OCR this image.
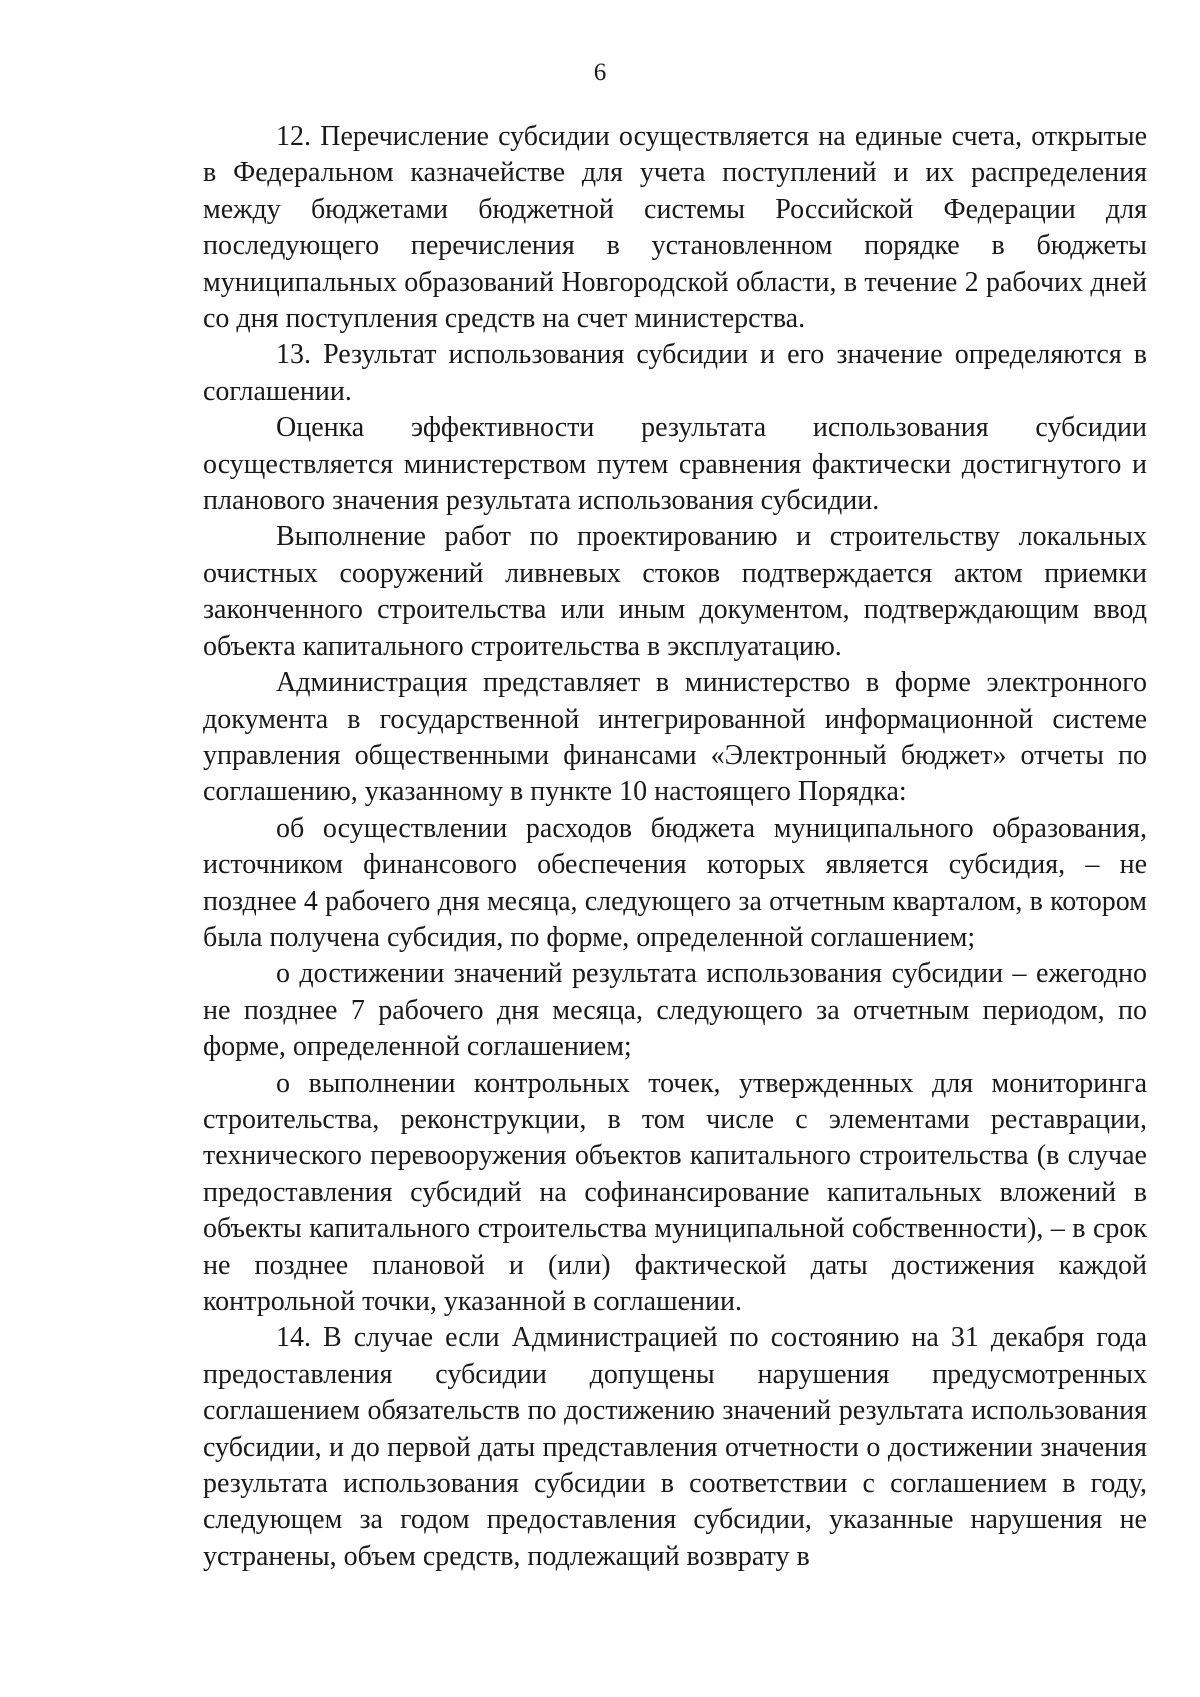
6

12. Перечисление субсидии осуществляется на единые счета, открытые в Федеральном казначействе для учета поступлений и их распределения между бюджетами бюджетной системы Российской Федерации для последующего перечисления в установленном порядке в бюджеты муниципальных образований Новгородской области, в течение 2 рабочих дней со дня поступления средств на счет министерства.

13. Результат использования субсидии и его значение определяются в соглашении.

Оценка эффективности результата использования субсидии осуществляется министерством путем сравнения фактически достигнутого и планового значения результата использования субсидии.

Выполнение работ по проектированию и строительству локальных очистных сооружений ливневых стоков подтверждается актом приемки законченного строительства или иным документом, подтверждающим ввод объекта капитального строительства в эксплуатацию.

Администрация представляет в министерство в форме электронного документа в государственной интегрированной информационной системе управления общественными финансами «Электронный бюджет» отчеты по соглашению, указанному в пункте 10 настоящего Порядка:

об осуществлении расходов бюджета муниципального образования, источником финансового обеспечения которых является субсидия, – не позднее 4 рабочего дня месяца, следующего за отчетным кварталом, в котором была получена субсидия, по форме, определенной соглашением;

о достижении значений результата использования субсидии – ежегодно не позднее 7 рабочего дня месяца, следующего за отчетным периодом, по форме, определенной соглашением;

о выполнении контрольных точек, утвержденных для мониторинга строительства, реконструкции, в том числе с элементами реставрации, технического перевооружения объектов капитального строительства (в случае предоставления субсидий на софинансирование капитальных вложений в объекты капитального строительства муниципальной собственности), – в срок не позднее плановой и (или) фактической даты достижения каждой контрольной точки, указанной в соглашении.

14. В случае если Администрацией по состоянию на 31 декабря года предоставления субсидии допущены нарушения предусмотренных соглашением обязательств по достижению значений результата использования субсидии, и до первой даты представления отчетности о достижении значения результата использования субсидии в соответствии с соглашением в году, следующем за годом предоставления субсидии, указанные нарушения не устранены, объем средств, подлежащий возврату в
